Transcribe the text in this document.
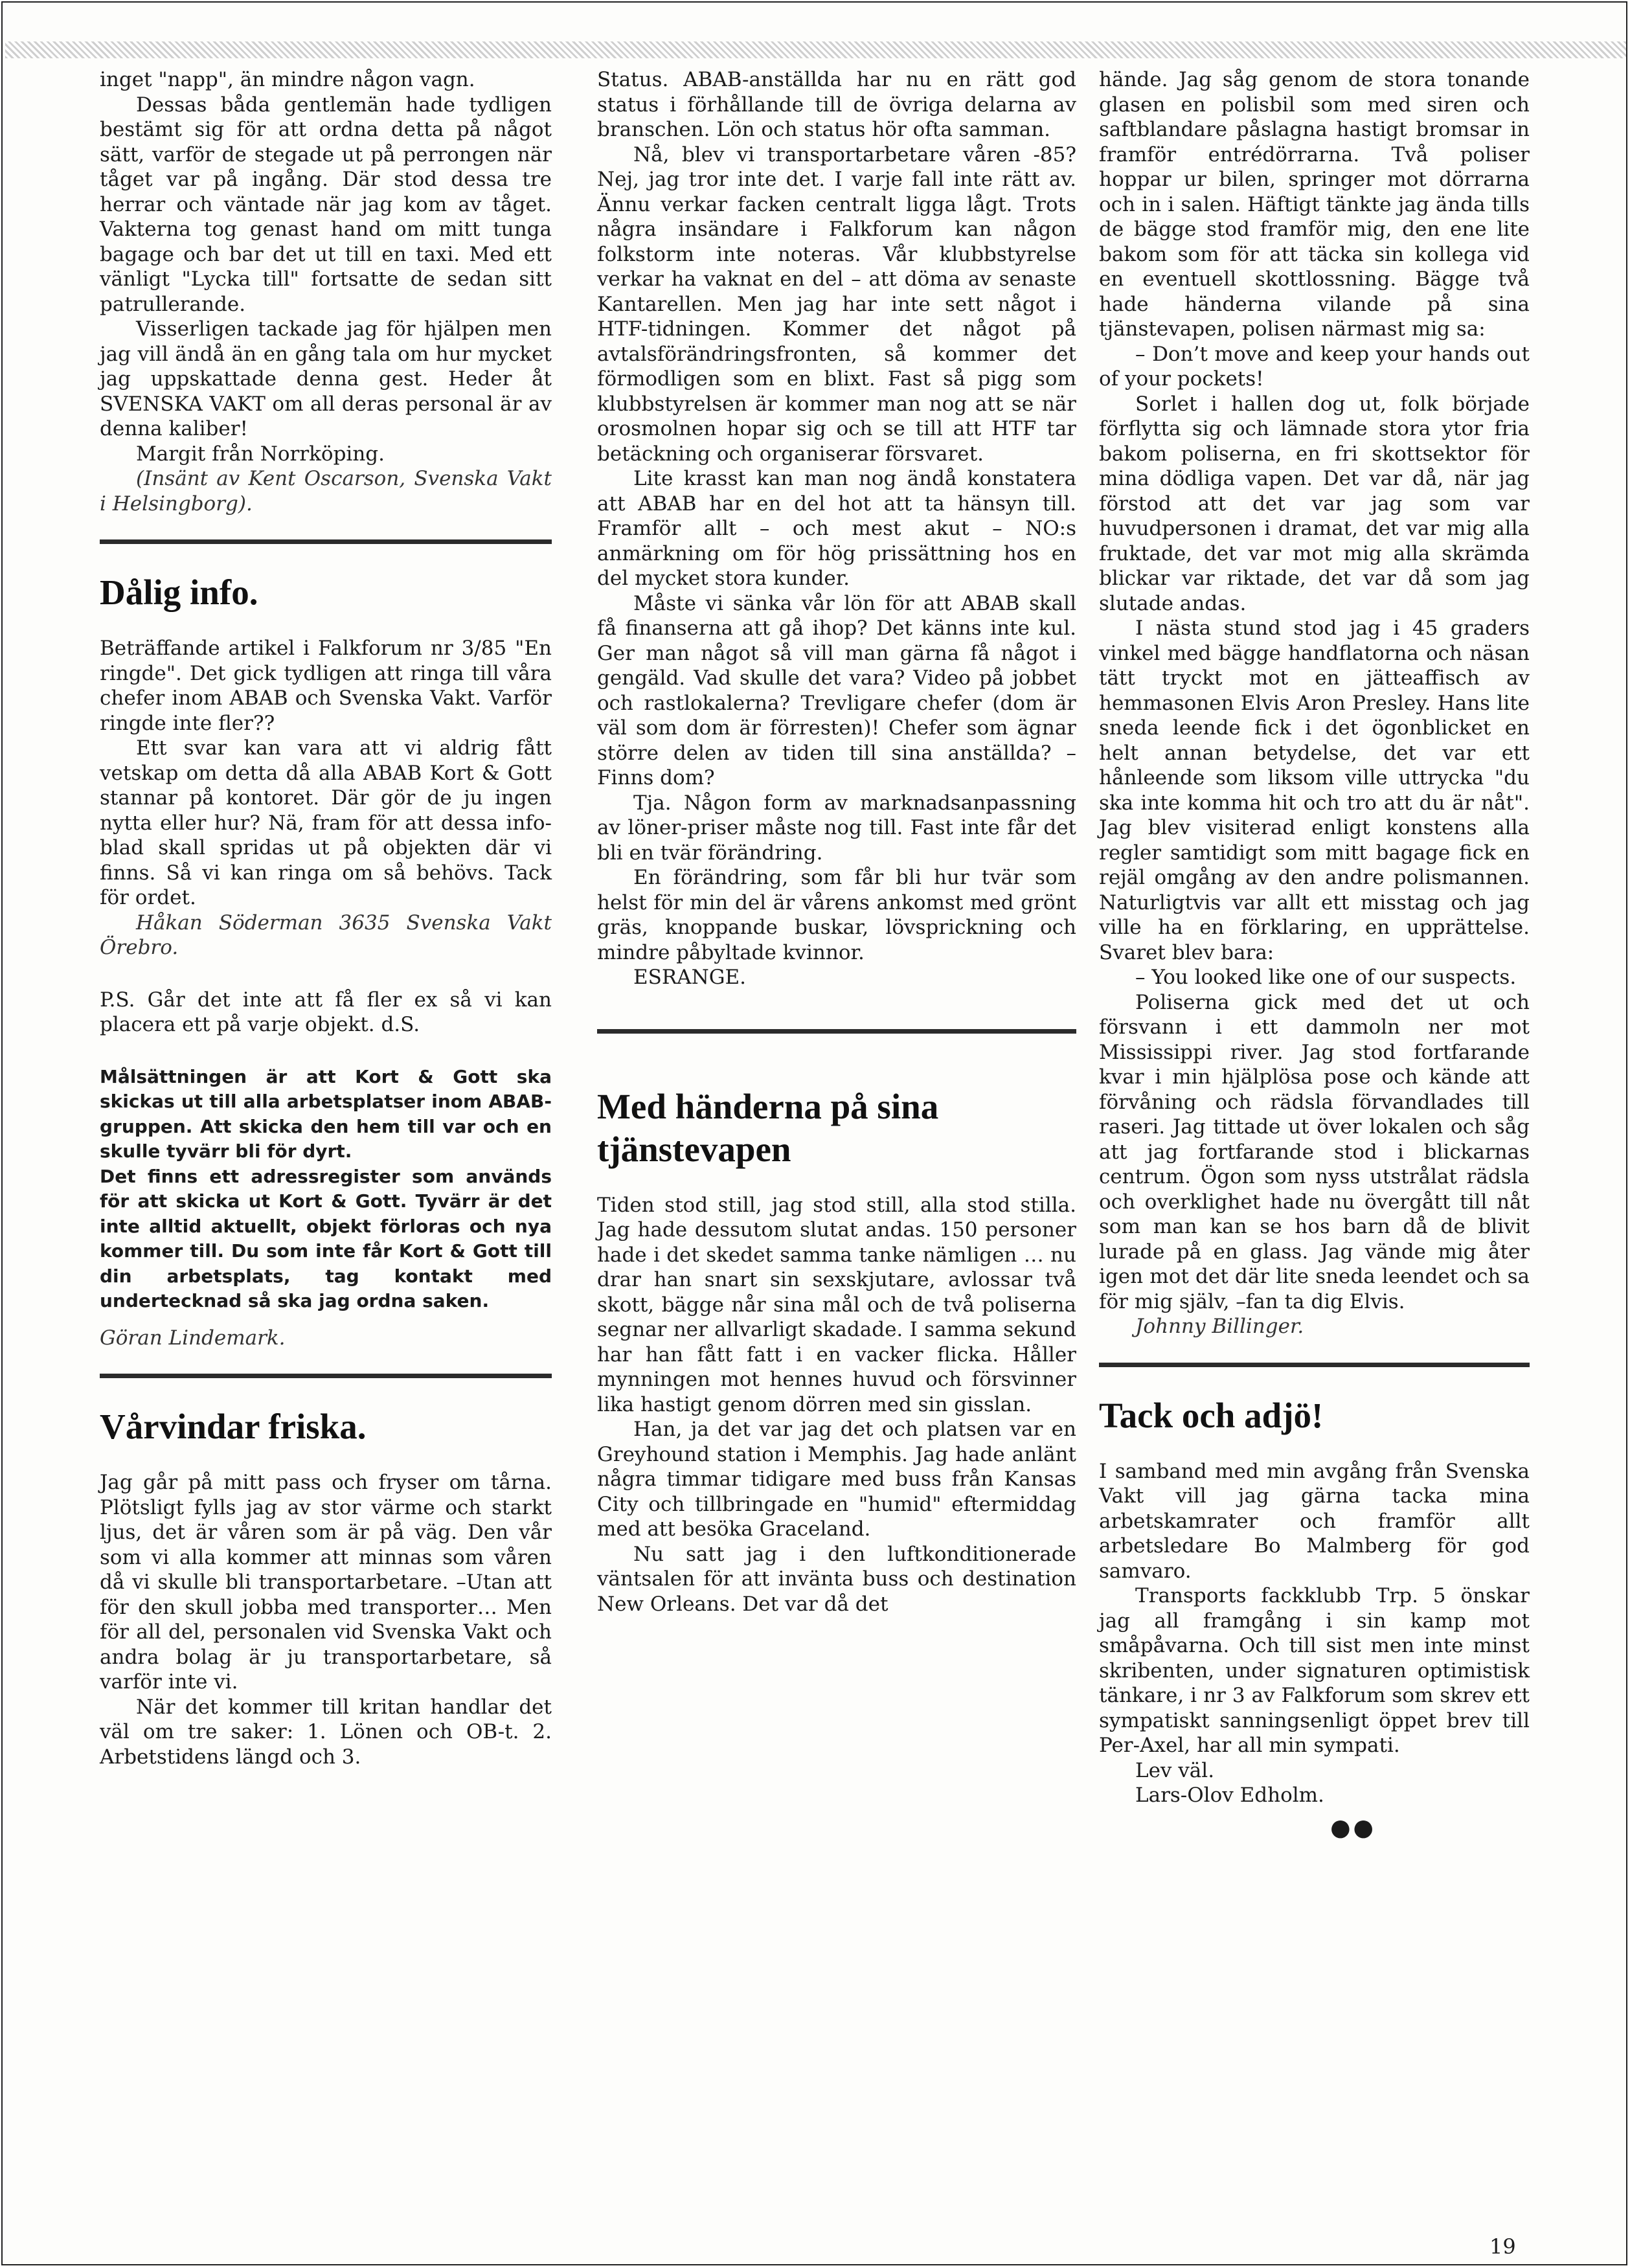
inget "napp", än mindre någon vagn.

Dessas båda gentlemän hade tydligen bestämt sig för att ordna detta på något sätt, varför de stegade ut på perrongen när tåget var på ingång. Där stod dessa tre herrar och väntade när jag kom av tåget. Vakterna tog genast hand om mitt tunga bagage och bar det ut till en taxi. Med ett vänligt "Lycka till" fortsatte de sedan sitt patrullerande.

Visserligen tackade jag för hjälpen men jag vill ändå än en gång tala om hur mycket jag uppskattade denna gest. Heder åt SVENSKA VAKT om all deras personal är av denna kaliber!

Margit från Norrköping.

(Insänt av Kent Oscarson, Svenska Vakt i Helsingborg).

Dålig info.

Beträffande artikel i Falkforum nr 3/85 "En ringde". Det gick tydligen att ringa till våra chefer inom ABAB och Svenska Vakt. Varför ringde inte fler??

Ett svar kan vara att vi aldrig fått vetskap om detta då alla ABAB Kort & Gott stannar på kontoret. Där gör de ju ingen nytta eller hur? Nä, fram för att dessa info-blad skall spridas ut på objekten där vi finns. Så vi kan ringa om så behövs. Tack för ordet.

Håkan Söderman 3635 Svenska Vakt Örebro.

P.S. Går det inte att få fler ex så vi kan placera ett på varje objekt. d.S.

Målsättningen är att Kort & Gott ska skickas ut till alla arbetsplatser inom ABAB-gruppen. Att skicka den hem till var och en skulle tyvärr bli för dyrt.

Det finns ett adressregister som används för att skicka ut Kort & Gott. Tyvärr är det inte alltid aktuellt, objekt förloras och nya kommer till. Du som inte får Kort & Gott till din arbetsplats, tag kontakt med undertecknad så ska jag ordna saken.

Göran Lindemark.

Vårvindar friska.

Jag går på mitt pass och fryser om tårna. Plötsligt fylls jag av stor värme och starkt ljus, det är våren som är på väg. Den vår som vi alla kommer att minnas som våren då vi skulle bli transportarbetare. –Utan att för den skull jobba med transporter… Men för all del, personalen vid Svenska Vakt och andra bolag är ju transportarbetare, så varför inte vi.

När det kommer till kritan handlar det väl om tre saker: 1. Lönen och OB-t. 2. Arbetstidens längd och 3.

Status. ABAB-anställda har nu en rätt god status i förhållande till de övriga delarna av branschen. Lön och status hör ofta samman.

Nå, blev vi transportarbetare våren -85? Nej, jag tror inte det. I varje fall inte rätt av. Ännu verkar facken centralt ligga lågt. Trots några insändare i Falkforum kan någon folkstorm inte noteras. Vår klubbstyrelse verkar ha vaknat en del – att döma av senaste Kantarellen. Men jag har inte sett något i HTF-tidningen. Kommer det något på avtalsförändringsfronten, så kommer det förmodligen som en blixt. Fast så pigg som klubbstyrelsen är kommer man nog att se när orosmolnen hopar sig och se till att HTF tar betäckning och organiserar försvaret.

Lite krasst kan man nog ändå konstatera att ABAB har en del hot att ta hänsyn till. Framför allt – och mest akut – NO:s anmärkning om för hög prissättning hos en del mycket stora kunder.

Måste vi sänka vår lön för att ABAB skall få finanserna att gå ihop? Det känns inte kul. Ger man något så vill man gärna få något i gengäld. Vad skulle det vara? Video på jobbet och rastlokalerna? Trevligare chefer (dom är väl som dom är förresten)! Chefer som ägnar större delen av tiden till sina anställda? – Finns dom?

Tja. Någon form av marknadsanpassning av löner-priser måste nog till. Fast inte får det bli en tvär förändring.

En förändring, som får bli hur tvär som helst för min del är vårens ankomst med grönt gräs, knoppande buskar, lövsprickning och mindre påbyltade kvinnor.

ESRANGE.

Med händerna på sina tjänstevapen

Tiden stod still, jag stod still, alla stod stilla. Jag hade dessutom slutat andas. 150 personer hade i det skedet samma tanke nämligen … nu drar han snart sin sexskjutare, avlossar två skott, bägge når sina mål och de två poliserna segnar ner allvarligt skadade. I samma sekund har han fått fatt i en vacker flicka. Håller mynningen mot hennes huvud och försvinner lika hastigt genom dörren med sin gisslan.

Han, ja det var jag det och platsen var en Greyhound station i Memphis. Jag hade anlänt några timmar tidigare med buss från Kansas City och tillbringade en "humid" eftermiddag med att besöka Graceland.

Nu satt jag i den luftkonditionerade väntsalen för att invänta buss och destination New Orleans. Det var då det

hände. Jag såg genom de stora tonande glasen en polisbil som med siren och saftblandare påslagna hastigt bromsar in framför entrédörrarna. Två poliser hoppar ur bilen, springer mot dörrarna och in i salen. Häftigt tänkte jag ända tills de bägge stod framför mig, den ene lite bakom som för att täcka sin kollega vid en eventuell skottlossning. Bägge två hade händerna vilande på sina tjänstevapen, polisen närmast mig sa:

– Don’t move and keep your hands out of your pockets!

Sorlet i hallen dog ut, folk började förflytta sig och lämnade stora ytor fria bakom poliserna, en fri skottsektor för mina dödliga vapen. Det var då, när jag förstod att det var jag som var huvudpersonen i dramat, det var mig alla fruktade, det var mot mig alla skrämda blickar var riktade, det var då som jag slutade andas.

I nästa stund stod jag i 45 graders vinkel med bägge handflatorna och näsan tätt tryckt mot en jätteaffisch av hemmasonen Elvis Aron Presley. Hans lite sneda leende fick i det ögonblicket en helt annan betydelse, det var ett hånleende som liksom ville uttrycka "du ska inte komma hit och tro att du är nåt". Jag blev visiterad enligt konstens alla regler samtidigt som mitt bagage fick en rejäl omgång av den andre polismannen. Naturligtvis var allt ett misstag och jag ville ha en förklaring, en upprättelse. Svaret blev bara:

– You looked like one of our suspects.

Poliserna gick med det ut och försvann i ett dammoln ner mot Mississippi river. Jag stod fortfarande kvar i min hjälplösa pose och kände att förvåning och rädsla förvandlades till raseri. Jag tittade ut över lokalen och såg att jag fortfarande stod i blickarnas centrum. Ögon som nyss utstrålat rädsla och overklighet hade nu övergått till nåt som man kan se hos barn då de blivit lurade på en glass. Jag vände mig åter igen mot det där lite sneda leendet och sa för mig själv, –fan ta dig Elvis.

Johnny Billinger.

Tack och adjö!

I samband med min avgång från Svenska Vakt vill jag gärna tacka mina arbetskamrater och framför allt arbetsledare Bo Malmberg för god samvaro.

Transports fackklubb Trp. 5 önskar jag all framgång i sin kamp mot småpåvarna. Och till sist men inte minst skribenten, under signaturen optimistisk tänkare, i nr 3 av Falkforum som skrev ett sympatiskt sanningsenligt öppet brev till Per-Axel, har all min sympati.

Lev väl.

Lars-Olov Edholm.

●●
19
